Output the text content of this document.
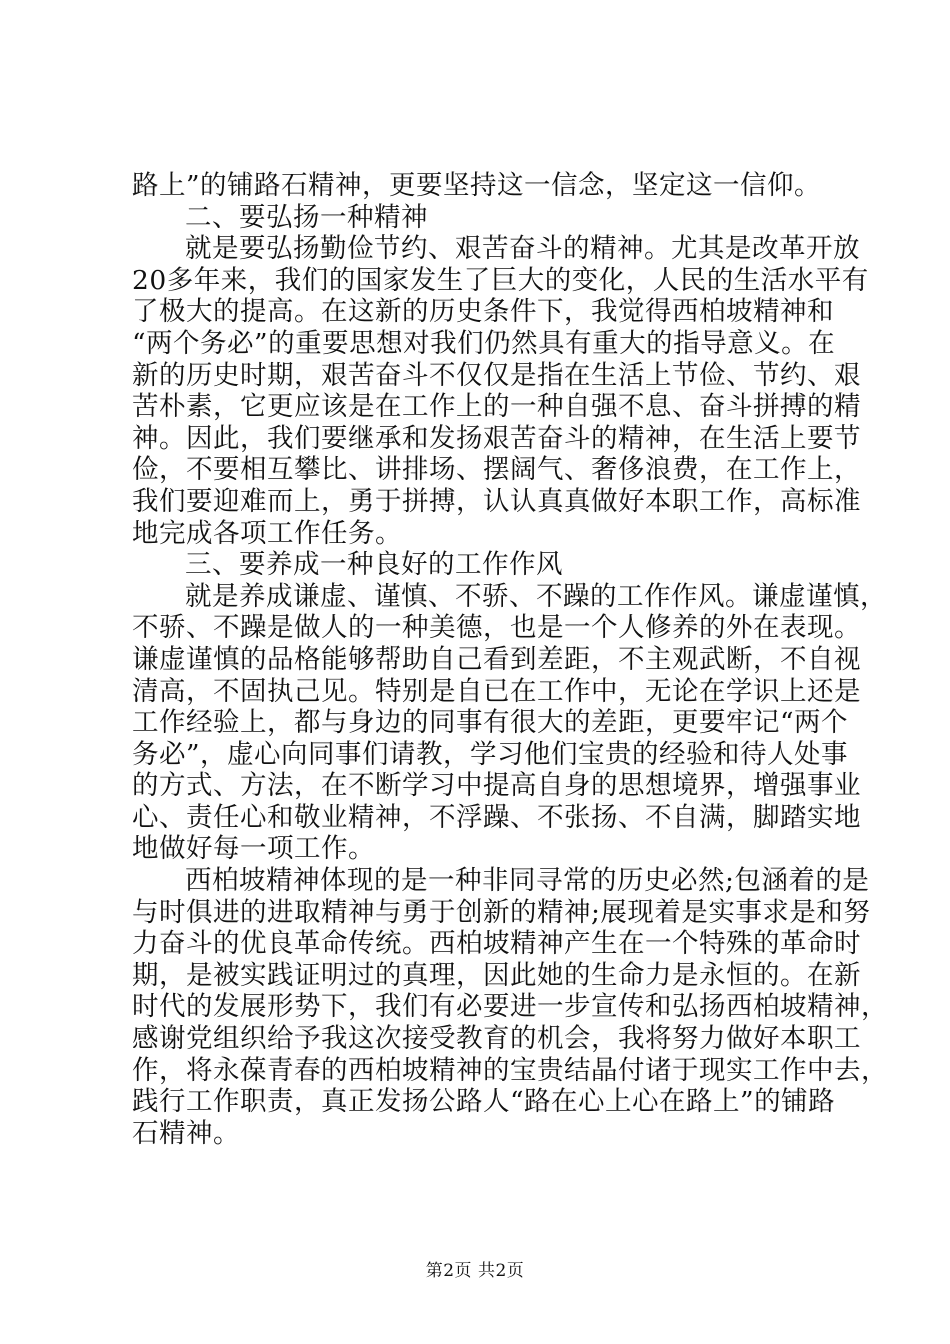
路上”的铺路石精神，更要坚持这一信念，坚定这一信仰。
二、要弘扬一种精神
就是要弘扬勤俭节约、艰苦奋斗的精神。尤其是改革开放
20多年来，我们的国家发生了巨大的变化，人民的生活水平有
了极大的提高。在这新的历史条件下，我觉得西柏坡精神和
“两个务必”的重要思想对我们仍然具有重大的指导意义。在
新的历史时期，艰苦奋斗不仅仅是指在生活上节俭、节约、艰
苦朴素，它更应该是在工作上的一种自强不息、奋斗拼搏的精
神。因此，我们要继承和发扬艰苦奋斗的精神，在生活上要节
俭，不要相互攀比、讲排场、摆阔气、奢侈浪费，在工作上，
我们要迎难而上，勇于拼搏，认认真真做好本职工作，高标准
地完成各项工作任务。
三、要养成一种良好的工作作风
就是养成谦虚、谨慎、不骄、不躁的工作作风。谦虚谨慎，
不骄、不躁是做人的一种美德，也是一个人修养的外在表现。
谦虚谨慎的品格能够帮助自己看到差距，不主观武断，不自视
清高，不固执己见。特别是自已在工作中，无论在学识上还是
工作经验上，都与身边的同事有很大的差距，更要牢记“两个
务必”，虚心向同事们请教，学习他们宝贵的经验和待人处事
的方式、方法，在不断学习中提高自身的思想境界，增强事业
心、责任心和敬业精神，不浮躁、不张扬、不自满，脚踏实地
地做好每一项工作。
西柏坡精神体现的是一种非同寻常的历史必然;包涵着的是
与时俱进的进取精神与勇于创新的精神;展现着是实事求是和努
力奋斗的优良革命传统。西柏坡精神产生在一个特殊的革命时
期，是被实践证明过的真理，因此她的生命力是永恒的。在新
时代的发展形势下，我们有必要进一步宣传和弘扬西柏坡精神，
感谢党组织给予我这次接受教育的机会，我将努力做好本职工
作，将永葆青春的西柏坡精神的宝贵结晶付诸于现实工作中去，
践行工作职责，真正发扬公路人“路在心上心在路上”的铺路
石精神。
第2页 共2页
